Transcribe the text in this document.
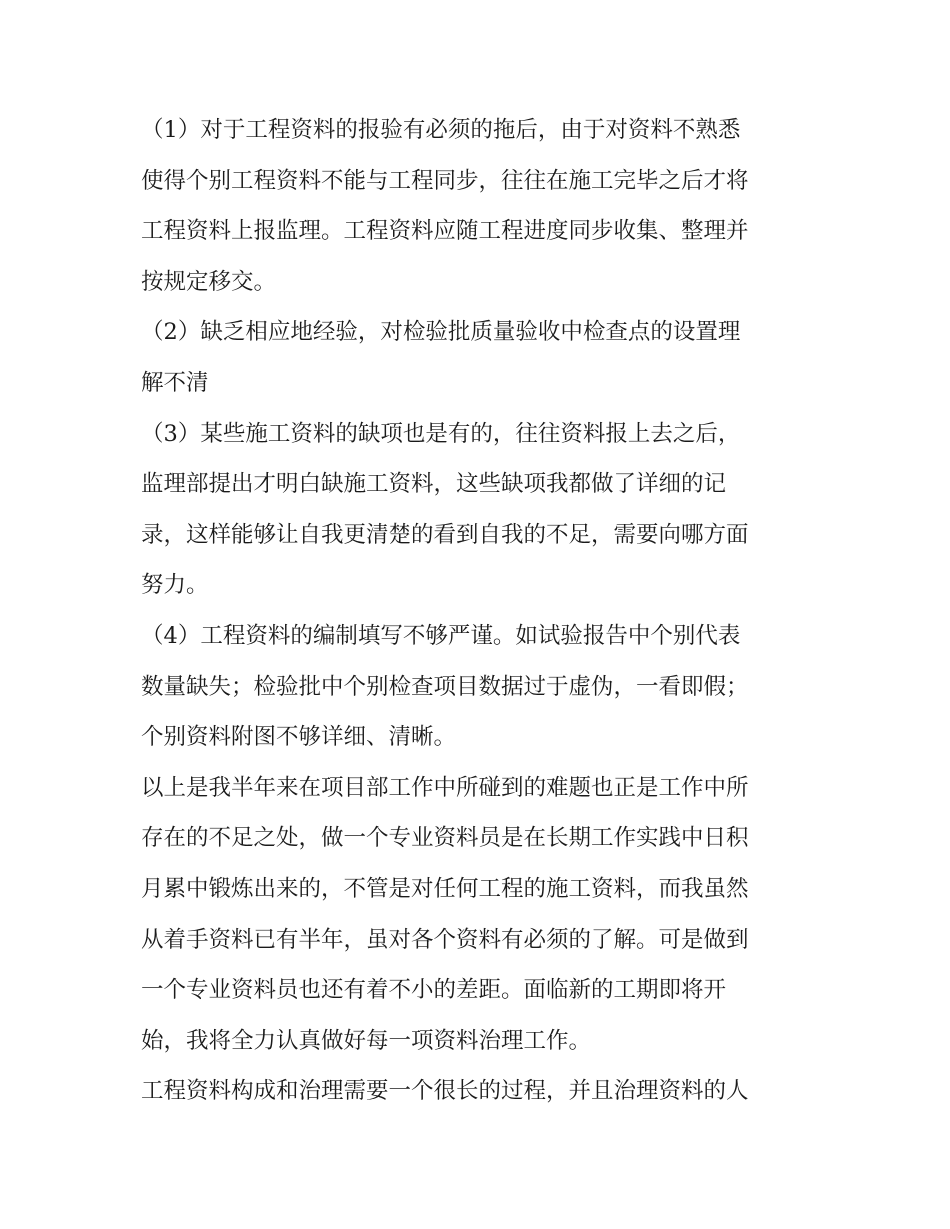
（1）对于工程资料的报验有必须的拖后，由于对资料不熟悉

使得个别工程资料不能与工程同步，往往在施工完毕之后才将

工程资料上报监理。工程资料应随工程进度同步收集、整理并

按规定移交。

（2）缺乏相应地经验，对检验批质量验收中检查点的设置理

解不清

（3）某些施工资料的缺项也是有的，往往资料报上去之后，

监理部提出才明白缺施工资料，这些缺项我都做了详细的记

录，这样能够让自我更清楚的看到自我的不足，需要向哪方面

努力。

（4）工程资料的编制填写不够严谨。如试验报告中个别代表

数量缺失；检验批中个别检查项目数据过于虚伪，一看即假；

个别资料附图不够详细、清晰。

以上是我半年来在项目部工作中所碰到的难题也正是工作中所

存在的不足之处，做一个专业资料员是在长期工作实践中日积

月累中锻炼出来的，不管是对任何工程的施工资料，而我虽然

从着手资料已有半年，虽对各个资料有必须的了解。可是做到

一个专业资料员也还有着不小的差距。面临新的工期即将开

始，我将全力认真做好每一项资料治理工作。

工程资料构成和治理需要一个很长的过程，并且治理资料的人
